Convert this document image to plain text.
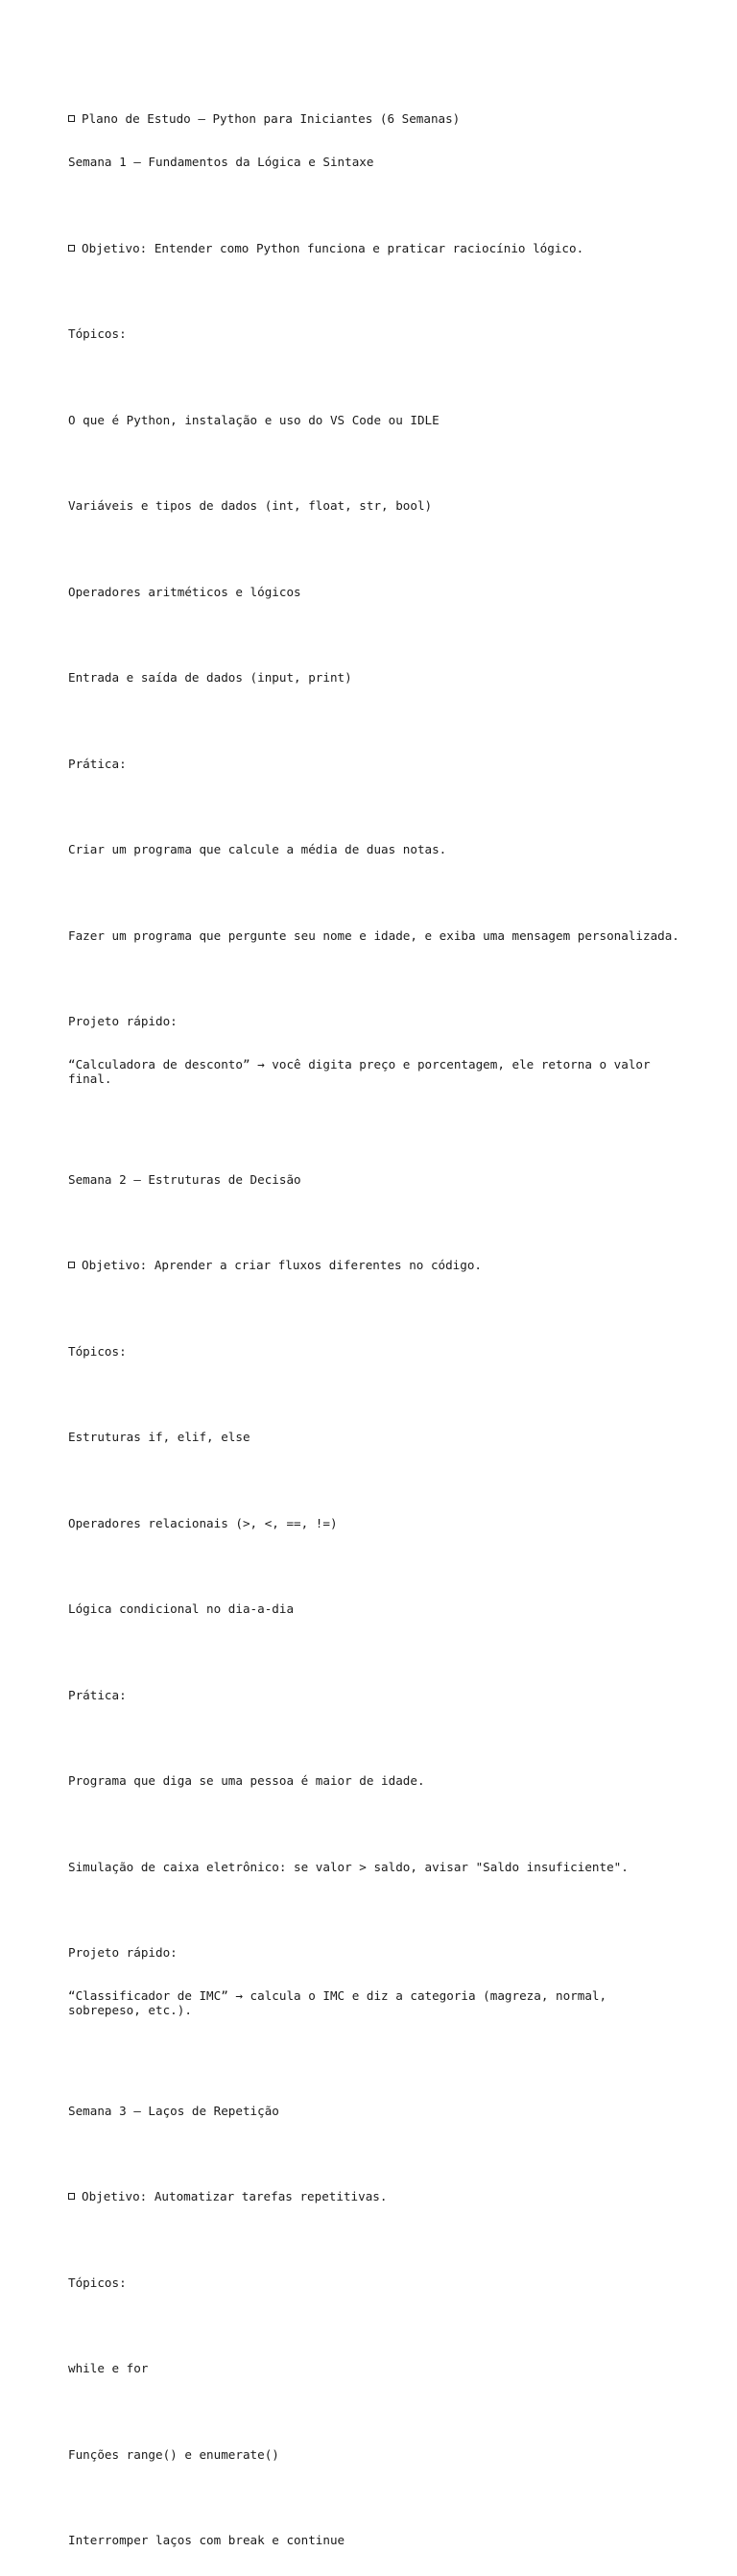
Plano de Estudo – Python para Iniciantes (6 Semanas)

Semana 1 – Fundamentos da Lógica e Sintaxe

Objetivo: Entender como Python funciona e praticar raciocínio lógico.

Tópicos:

O que é Python, instalação e uso do VS Code ou IDLE

Variáveis e tipos de dados (int, float, str, bool)

Operadores aritméticos e lógicos

Entrada e saída de dados (input, print)

Prática:

Criar um programa que calcule a média de duas notas.

Fazer um programa que pergunte seu nome e idade, e exiba uma mensagem personalizada.

Projeto rápido:

“Calculadora de desconto” → você digita preço e porcentagem, ele retorna o valor final.

Semana 2 – Estruturas de Decisão

Objetivo: Aprender a criar fluxos diferentes no código.

Tópicos:

Estruturas if, elif, else

Operadores relacionais (>, <, ==, !=)

Lógica condicional no dia-a-dia

Prática:

Programa que diga se uma pessoa é maior de idade.

Simulação de caixa eletrônico: se valor > saldo, avisar "Saldo insuficiente".

Projeto rápido:

“Classificador de IMC” → calcula o IMC e diz a categoria (magreza, normal, sobrepeso, etc.).

Semana 3 – Laços de Repetição

Objetivo: Automatizar tarefas repetitivas.

Tópicos:

while e for

Funções range() e enumerate()

Interromper laços com break e continue
